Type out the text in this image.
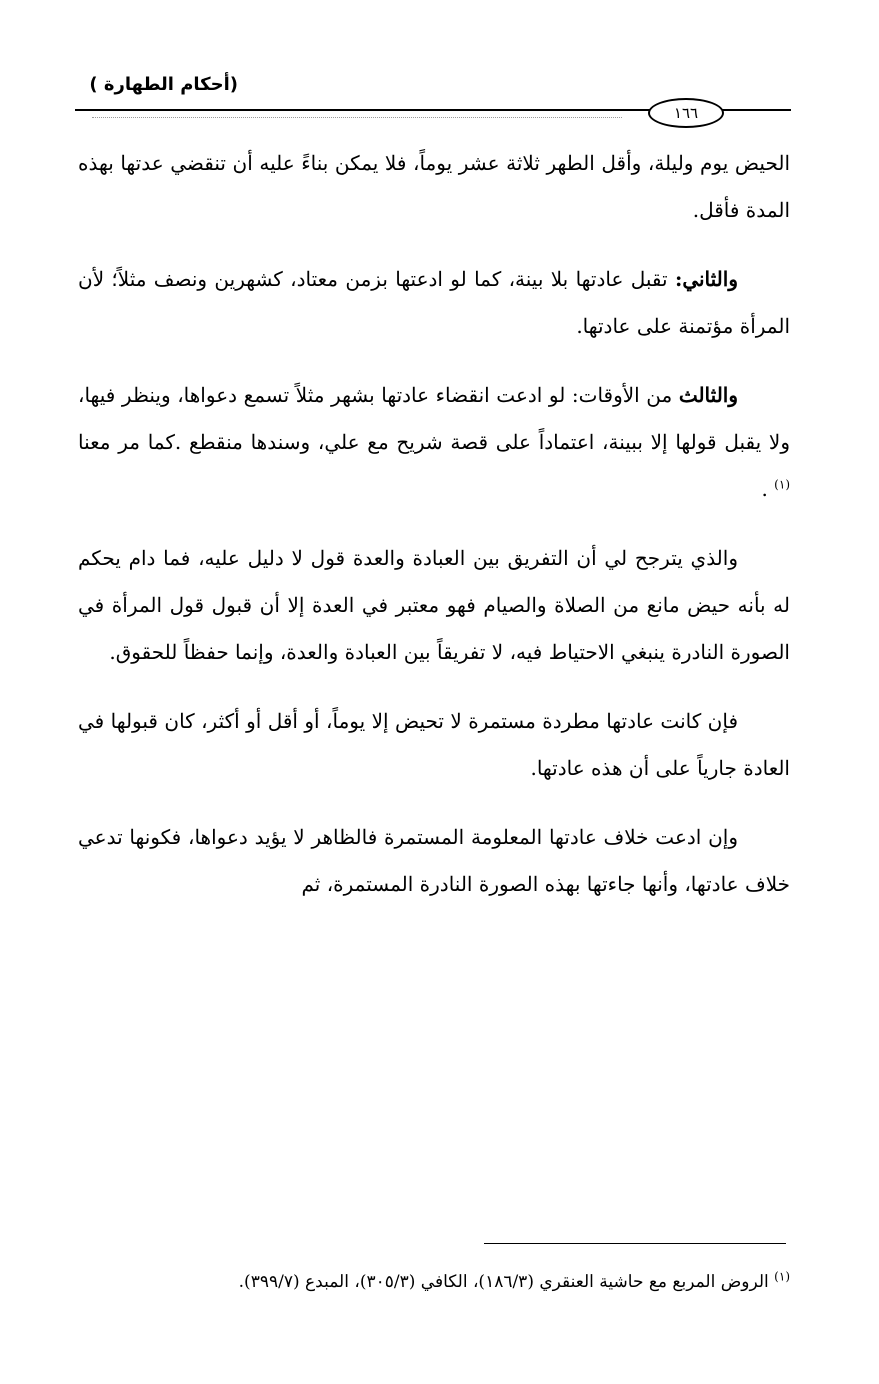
(أحكام الطهارة )
١٦٦

الحيض يوم وليلة، وأقل الطهر ثلاثة عشر يوماً، فلا يمكن بناءً عليه أن تنقضي عدتها بهذه المدة فأقل.

والثاني: تقبل عادتها بلا بينة، كما لو ادعتها بزمن معتاد، كشهرين ونصف مثلاً؛ لأن المرأة مؤتمنة على عادتها.

والثالث من الأوقات: لو ادعت انقضاء عادتها بشهر مثلاً تسمع دعواها، وينظر فيها، ولا يقبل قولها إلا ببينة، اعتماداً على قصة شريح مع علي، وسندها منقطع .كما مر معنا $^{(١)}$ .

والذي يترجح لي أن التفريق بين العبادة والعدة قول لا دليل عليه، فما دام يحكم له بأنه حيض مانع من الصلاة والصيام فهو معتبر في العدة إلا أن قبول قول المرأة في الصورة النادرة ينبغي الاحتياط فيه، لا تفريقاً بين العبادة والعدة، وإنما حفظاً للحقوق.

فإن كانت عادتها مطردة مستمرة لا تحيض إلا يوماً، أو أقل أو أكثر، كان قبولها في العادة جارياً على أن هذه عادتها.

وإن ادعت خلاف عادتها المعلومة المستمرة فالظاهر لا يؤيد دعواها، فكونها تدعي خلاف عادتها، وأنها جاءتها بهذه الصورة النادرة المستمرة، ثم

$^{(١)}$ الروض المربع مع حاشية العنقري (١٨٦/٣)، الكافي (٣٠٥/٣)، المبدع (٣٩٩/٧).
